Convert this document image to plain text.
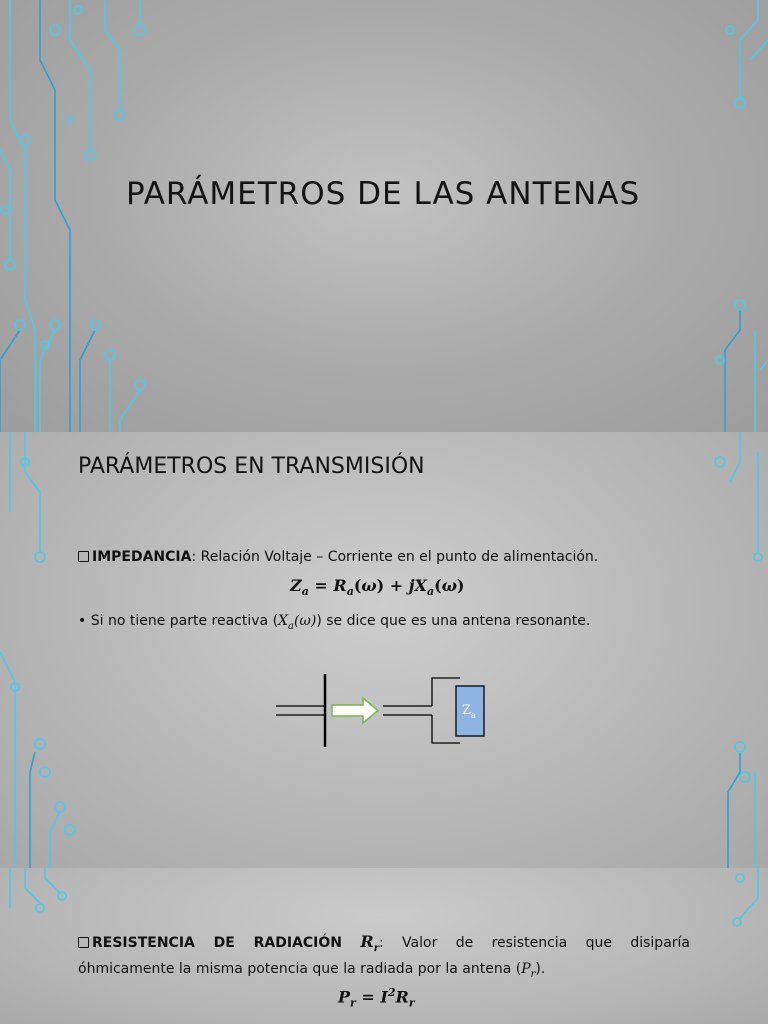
PARÁMETROS DE LAS ANTENAS
PARÁMETROS EN TRANSMISIÓN
IMPEDANCIA: Relación Voltaje – Corriente en el punto de alimentación.
$Z_a = R_a(\omega) + jX_a(\omega)$
• Si no tiene parte reactiva $(X_a(\omega))$ se dice que es una antena resonante.
Z a
RESISTENCIA DE RADIACIÓN $R_r$: Valor de resistencia que disiparía
óhmicamente la misma potencia que la radiada por la antena $(P_r)$.
$P_r = I^2R_r$
